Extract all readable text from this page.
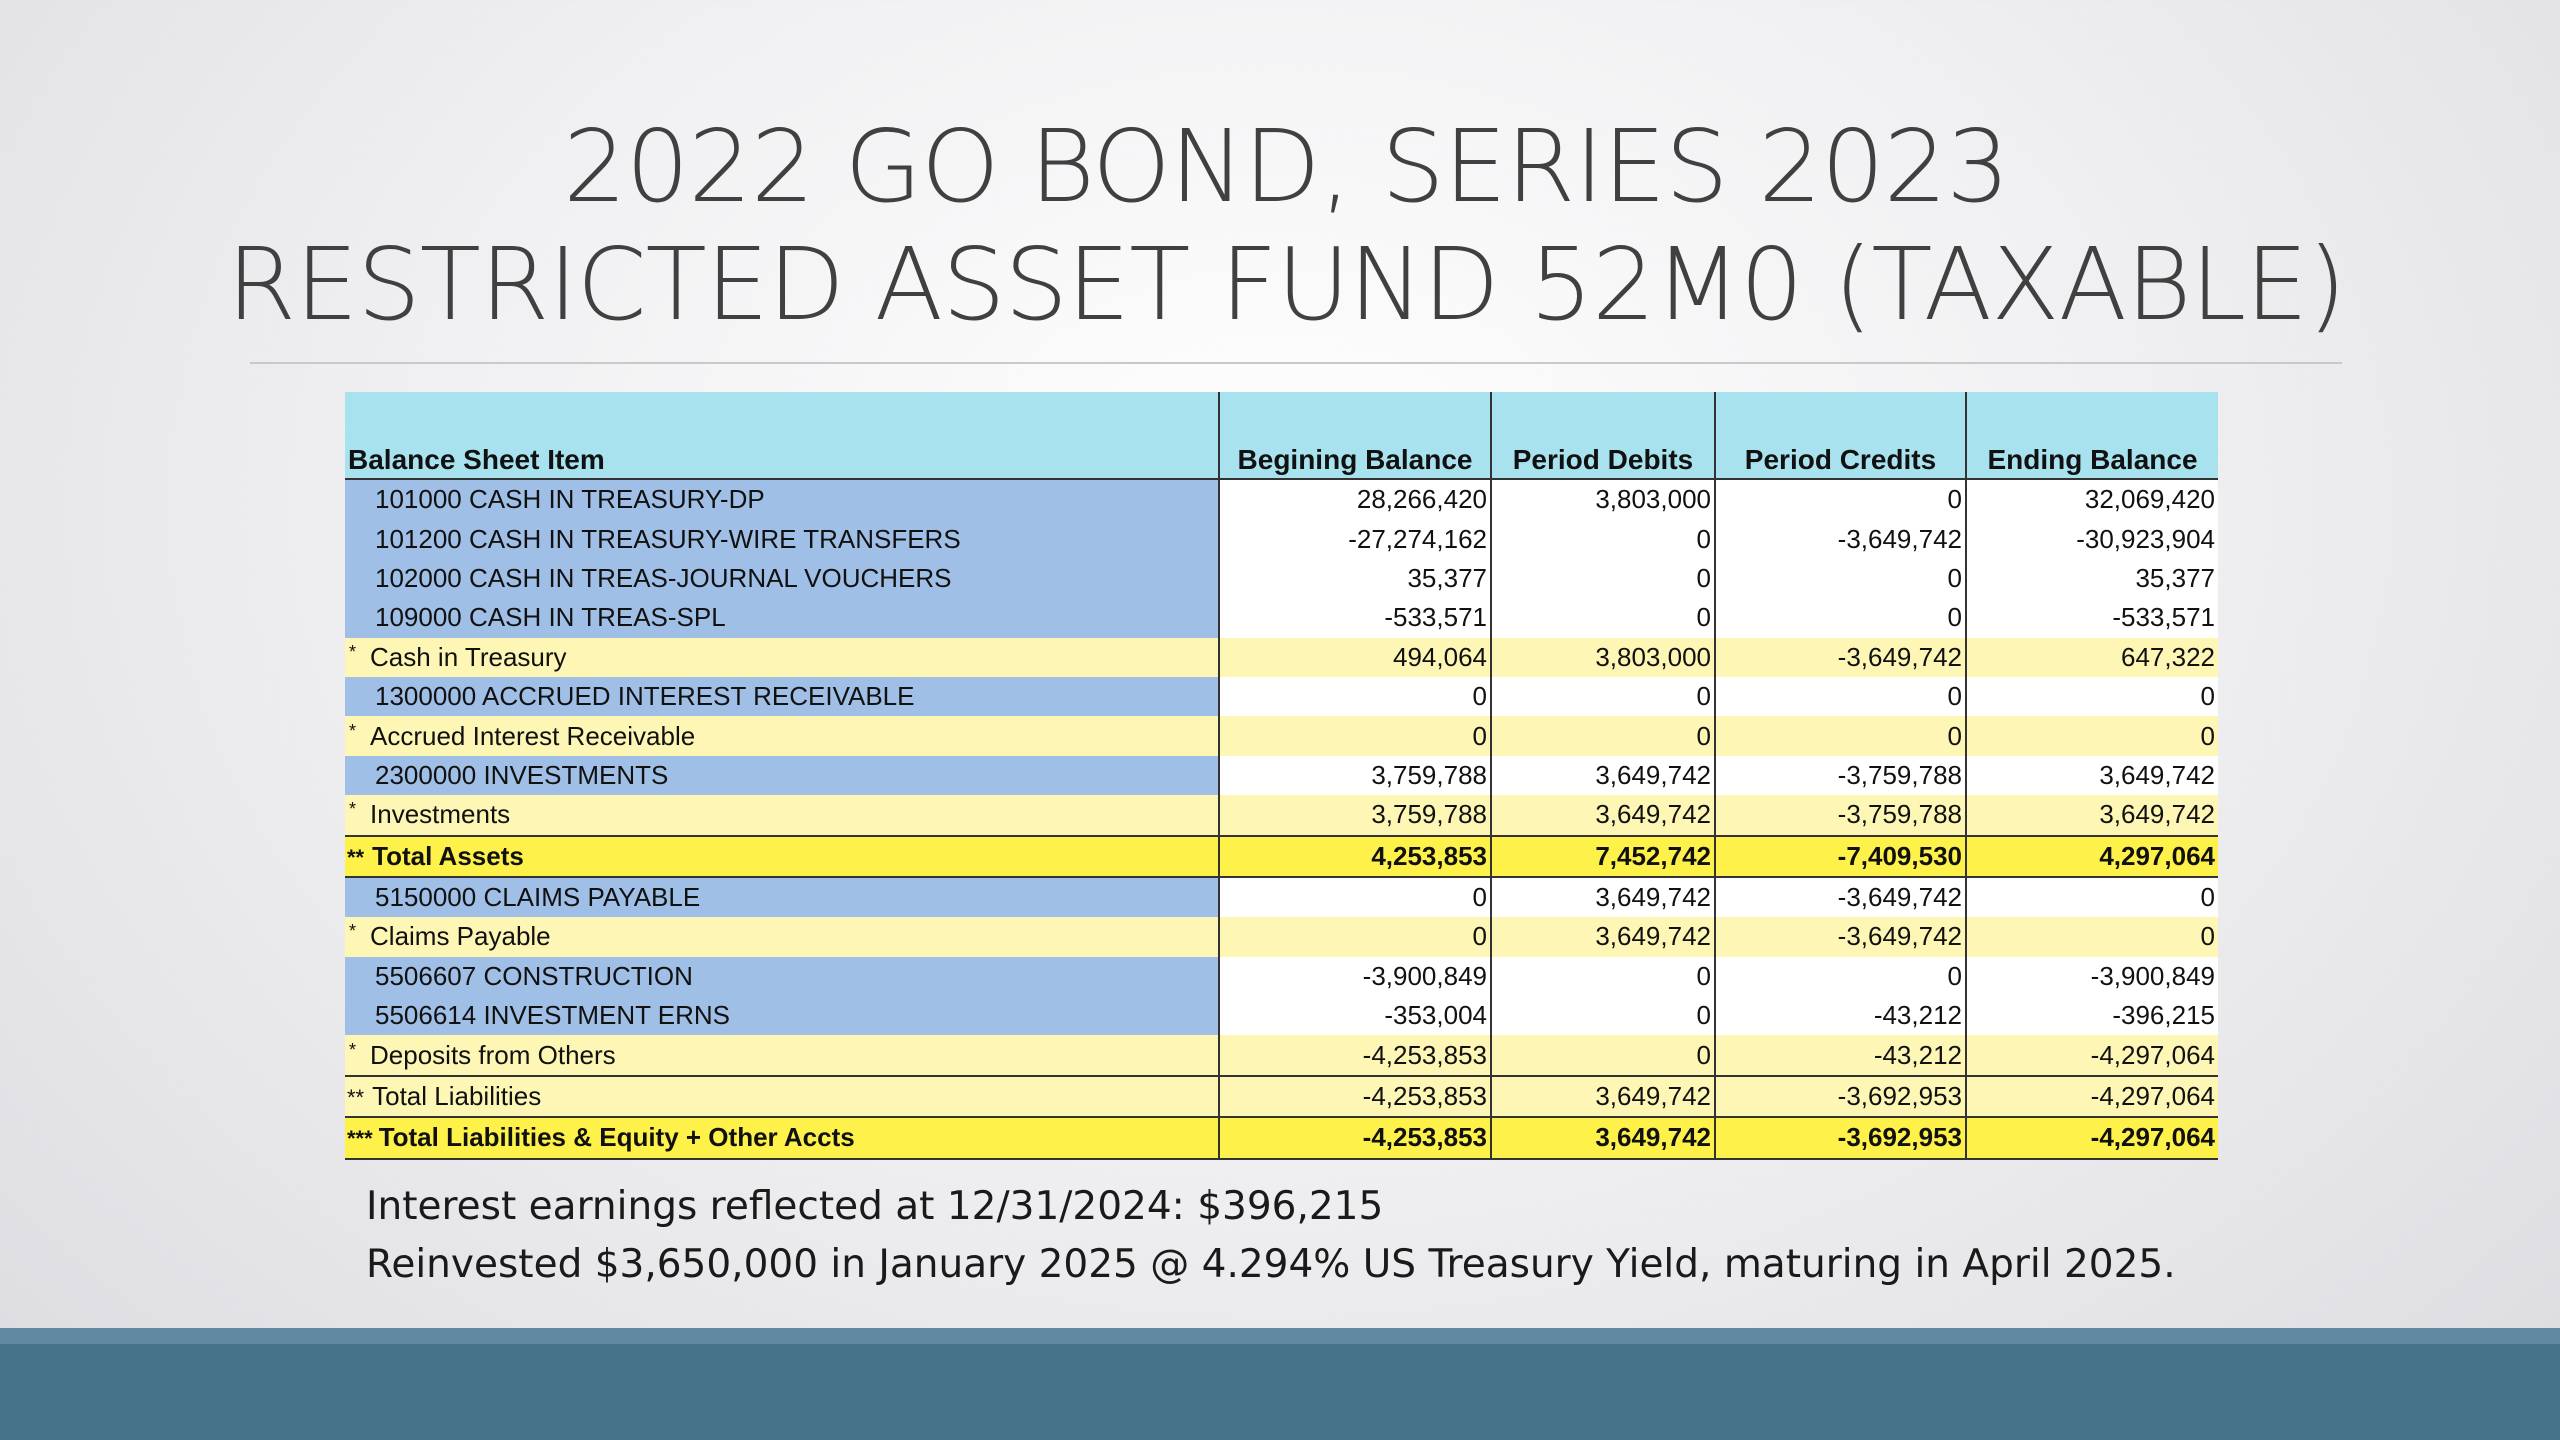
2022 GO BOND, SERIES 2023
RESTRICTED ASSET FUND 52M0 (TAXABLE)
Balance Sheet Item	Begining Balance	Period Debits	Period Credits	Ending Balance
101000 CASH IN TREASURY-DP	28,266,420	3,803,000	0	32,069,420
101200 CASH IN TREASURY-WIRE TRANSFERS	-27,274,162	0	-3,649,742	-30,923,904
102000 CASH IN TREAS-JOURNAL VOUCHERS	35,377	0	0	35,377
109000 CASH IN TREAS-SPL	-533,571	0	0	-533,571
* Cash in Treasury	494,064	3,803,000	-3,649,742	647,322
1300000 ACCRUED INTEREST RECEIVABLE	0	0	0	0
* Accrued Interest Receivable	0	0	0	0
2300000 INVESTMENTS	3,759,788	3,649,742	-3,759,788	3,649,742
* Investments	3,759,788	3,649,742	-3,759,788	3,649,742
** Total Assets	4,253,853	7,452,742	-7,409,530	4,297,064
5150000 CLAIMS PAYABLE	0	3,649,742	-3,649,742	0
* Claims Payable	0	3,649,742	-3,649,742	0
5506607 CONSTRUCTION	-3,900,849	0	0	-3,900,849
5506614 INVESTMENT ERNS	-353,004	0	-43,212	-396,215
* Deposits from Others	-4,253,853	0	-43,212	-4,297,064
** Total Liabilities	-4,253,853	3,649,742	-3,692,953	-4,297,064
*** Total Liabilities & Equity + Other Accts	-4,253,853	3,649,742	-3,692,953	-4,297,064
Interest earnings reflected at 12/31/2024: $396,215
Reinvested $3,650,000 in January 2025 @ 4.294% US Treasury Yield, maturing in April 2025.
